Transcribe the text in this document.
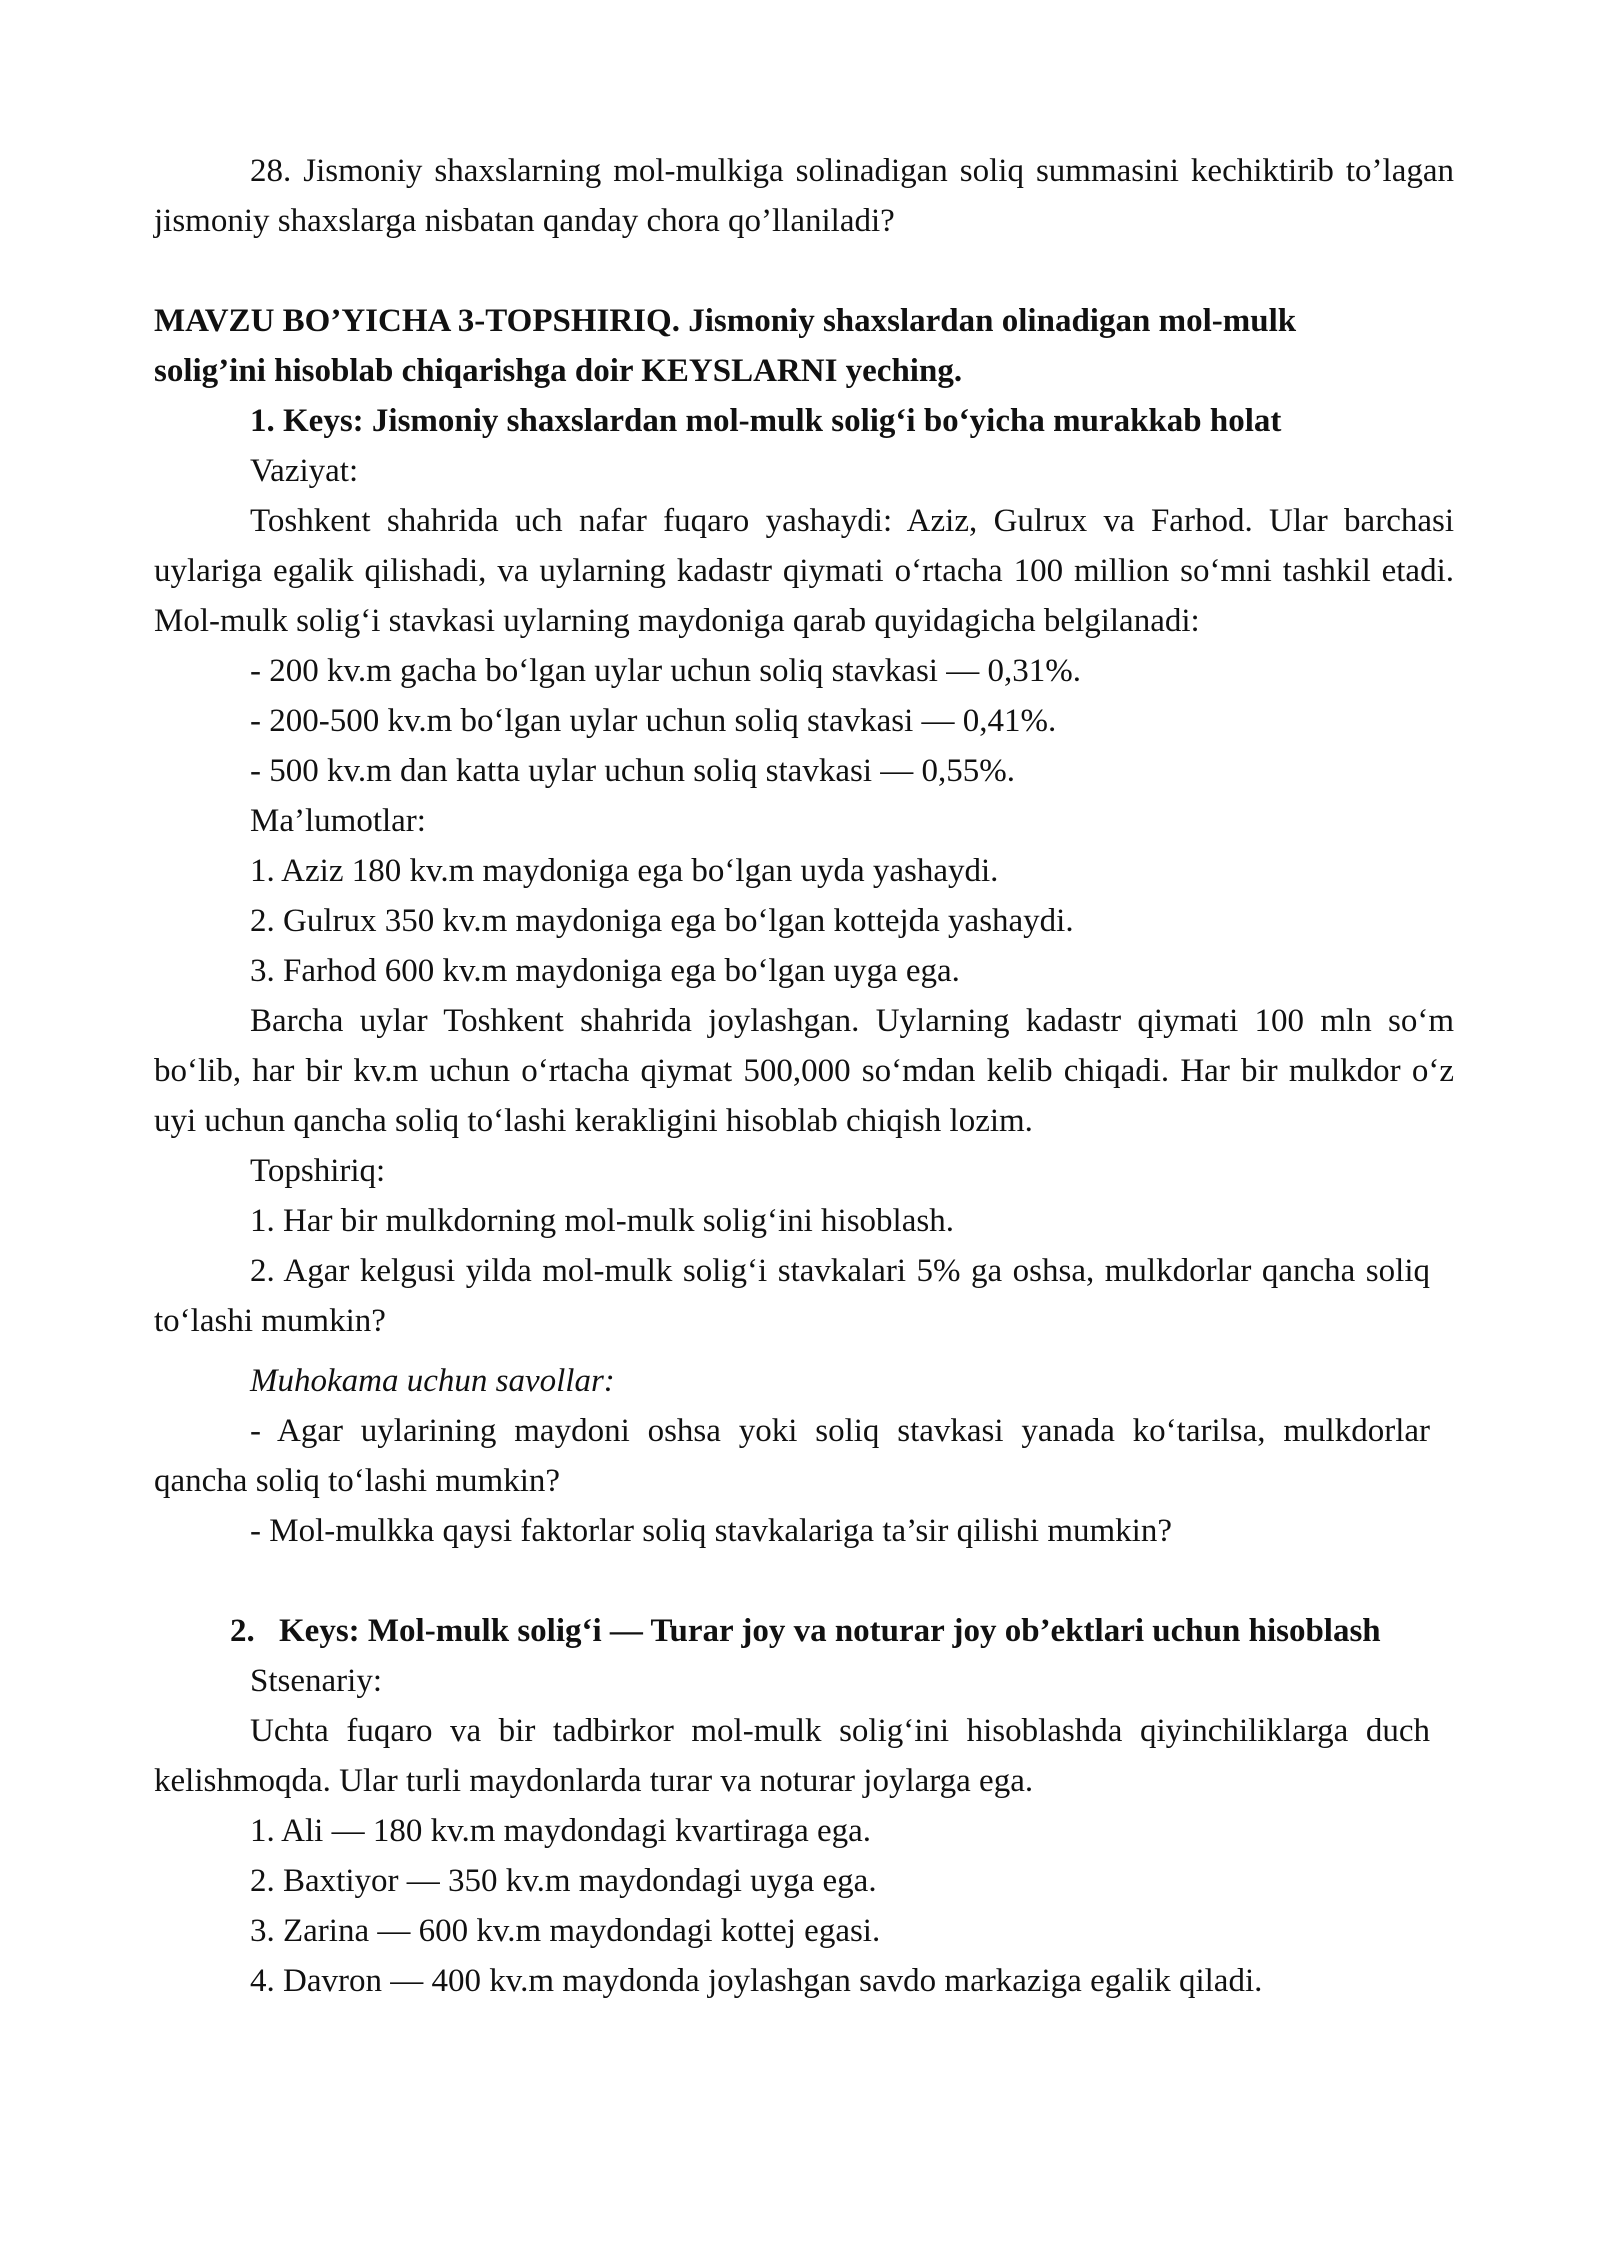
28. Jismoniy shaxslarning mol-mulkiga solinadigan soliq summasini kechiktirib to’lagan jismoniy shaxslarga nisbatan qanday chora qo’llaniladi?

MAVZU BO’YICHA 3-TOPSHIRIQ. Jismoniy shaxslardan olinadigan mol-mulk solig’ini hisoblab chiqarishga doir KEYSLARNI yeching.

1. Keys: Jismoniy shaxslardan mol-mulk solig‘i bo‘yicha murakkab holat

Vaziyat:

Toshkent shahrida uch nafar fuqaro yashaydi: Aziz, Gulrux va Farhod. Ular barchasi uylariga egalik qilishadi, va uylarning kadastr qiymati o‘rtacha 100 million so‘mni tashkil etadi. Mol-mulk solig‘i stavkasi uylarning maydoniga qarab quyidagicha belgilanadi:

- 200 kv.m gacha bo‘lgan uylar uchun soliq stavkasi — 0,31%.

- 200-500 kv.m bo‘lgan uylar uchun soliq stavkasi — 0,41%.

- 500 kv.m dan katta uylar uchun soliq stavkasi — 0,55%.

Ma’lumotlar:

1. Aziz 180 kv.m maydoniga ega bo‘lgan uyda yashaydi.

2. Gulrux 350 kv.m maydoniga ega bo‘lgan kottejda yashaydi.

3. Farhod 600 kv.m maydoniga ega bo‘lgan uyga ega.

Barcha uylar Toshkent shahrida joylashgan. Uylarning kadastr qiymati 100 mln so‘m bo‘lib, har bir kv.m uchun o‘rtacha qiymat 500,000 so‘mdan kelib chiqadi. Har bir mulkdor o‘z uyi uchun qancha soliq to‘lashi kerakligini hisoblab chiqish lozim.

Topshiriq:

1. Har bir mulkdorning mol-mulk solig‘ini hisoblash.

2. Agar kelgusi yilda mol-mulk solig‘i stavkalari 5% ga oshsa, mulkdorlar qancha soliq to‘lashi mumkin?

Muhokama uchun savollar:

- Agar uylarining maydoni oshsa yoki soliq stavkasi yanada ko‘tarilsa, mulkdorlar qancha soliq to‘lashi mumkin?

- Mol-mulkka qaysi faktorlar soliq stavkalariga ta’sir qilishi mumkin?

2. Keys: Mol-mulk solig‘i — Turar joy va noturar joy ob’ektlari uchun hisoblash

Stsenariy:

Uchta fuqaro va bir tadbirkor mol-mulk solig‘ini hisoblashda qiyinchiliklarga duch kelishmoqda. Ular turli maydonlarda turar va noturar joylarga ega.

1. Ali — 180 kv.m maydondagi kvartiraga ega.

2. Baxtiyor — 350 kv.m maydondagi uyga ega.

3. Zarina — 600 kv.m maydondagi kottej egasi.

4. Davron — 400 kv.m maydonda joylashgan savdo markaziga egalik qiladi.
